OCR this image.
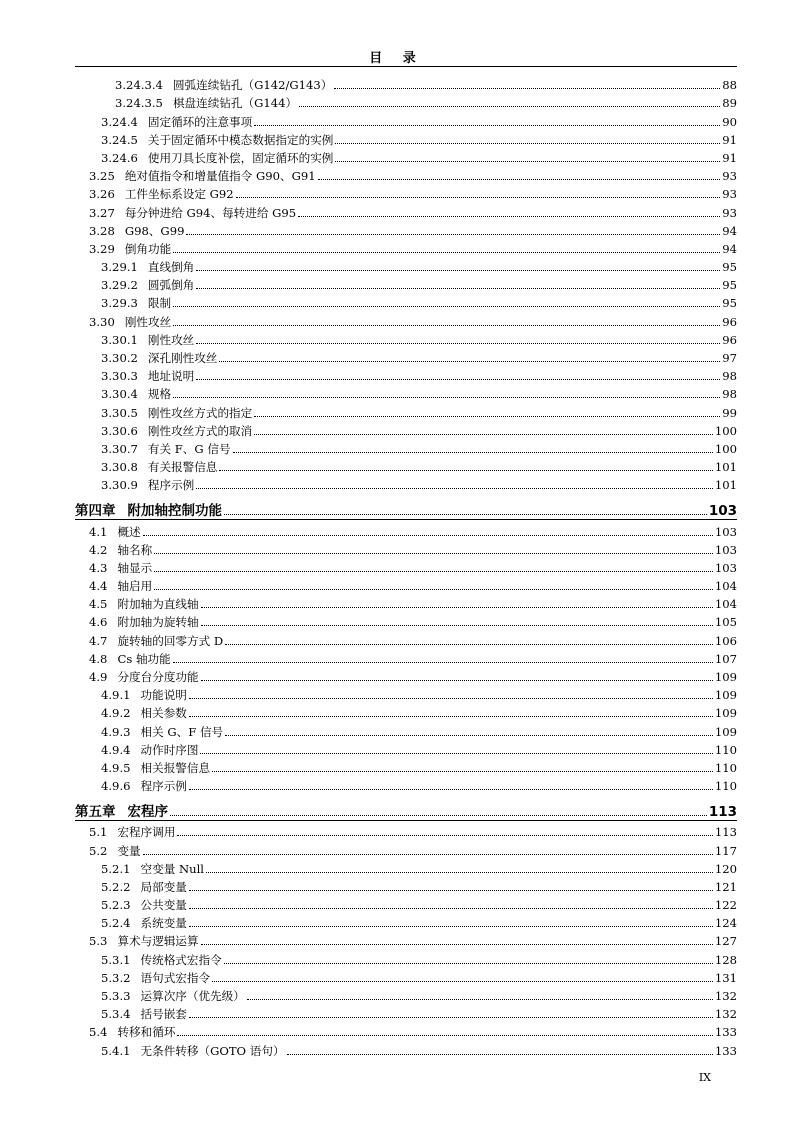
目 录
3.24.3.4 圆弧连续钻孔（G142/G143）	88
3.24.3.5 棋盘连续钻孔（G144）	89
3.24.4 固定循环的注意事项	90
3.24.5 关于固定循环中模态数据指定的实例	91
3.24.6 使用刀具长度补偿，固定循环的实例	91
3.25 绝对值指令和增量值指令 G90、G91	93
3.26 工件坐标系设定 G92	93
3.27 每分钟进给 G94、每转进给 G95	93
3.28 G98、G99	94
3.29 倒角功能	94
3.29.1 直线倒角	95
3.29.2 圆弧倒角	95
3.29.3 限制	95
3.30 刚性攻丝	96
3.30.1 刚性攻丝	96
3.30.2 深孔刚性攻丝	97
3.30.3 地址说明	98
3.30.4 规格	98
3.30.5 刚性攻丝方式的指定	99
3.30.6 刚性攻丝方式的取消	100
3.30.7 有关 F、G 信号	100
3.30.8 有关报警信息	101
3.30.9 程序示例	101
第四章 附加轴控制功能	103
4.1 概述	103
4.2 轴名称	103
4.3 轴显示	103
4.4 轴启用	104
4.5 附加轴为直线轴	104
4.6 附加轴为旋转轴	105
4.7 旋转轴的回零方式 D	106
4.8 Cs 轴功能	107
4.9 分度台分度功能	109
4.9.1 功能说明	109
4.9.2 相关参数	109
4.9.3 相关 G、F 信号	109
4.9.4 动作时序图	110
4.9.5 相关报警信息	110
4.9.6 程序示例	110
第五章 宏程序	113
5.1 宏程序调用	113
5.2 变量	117
5.2.1 空变量 Null	120
5.2.2 局部变量	121
5.2.3 公共变量	122
5.2.4 系统变量	124
5.3 算术与逻辑运算	127
5.3.1 传统格式宏指令	128
5.3.2 语句式宏指令	131
5.3.3 运算次序（优先级）	132
5.3.4 括号嵌套	132
5.4 转移和循环	133
5.4.1 无条件转移（GOTO 语句）	133
IX
